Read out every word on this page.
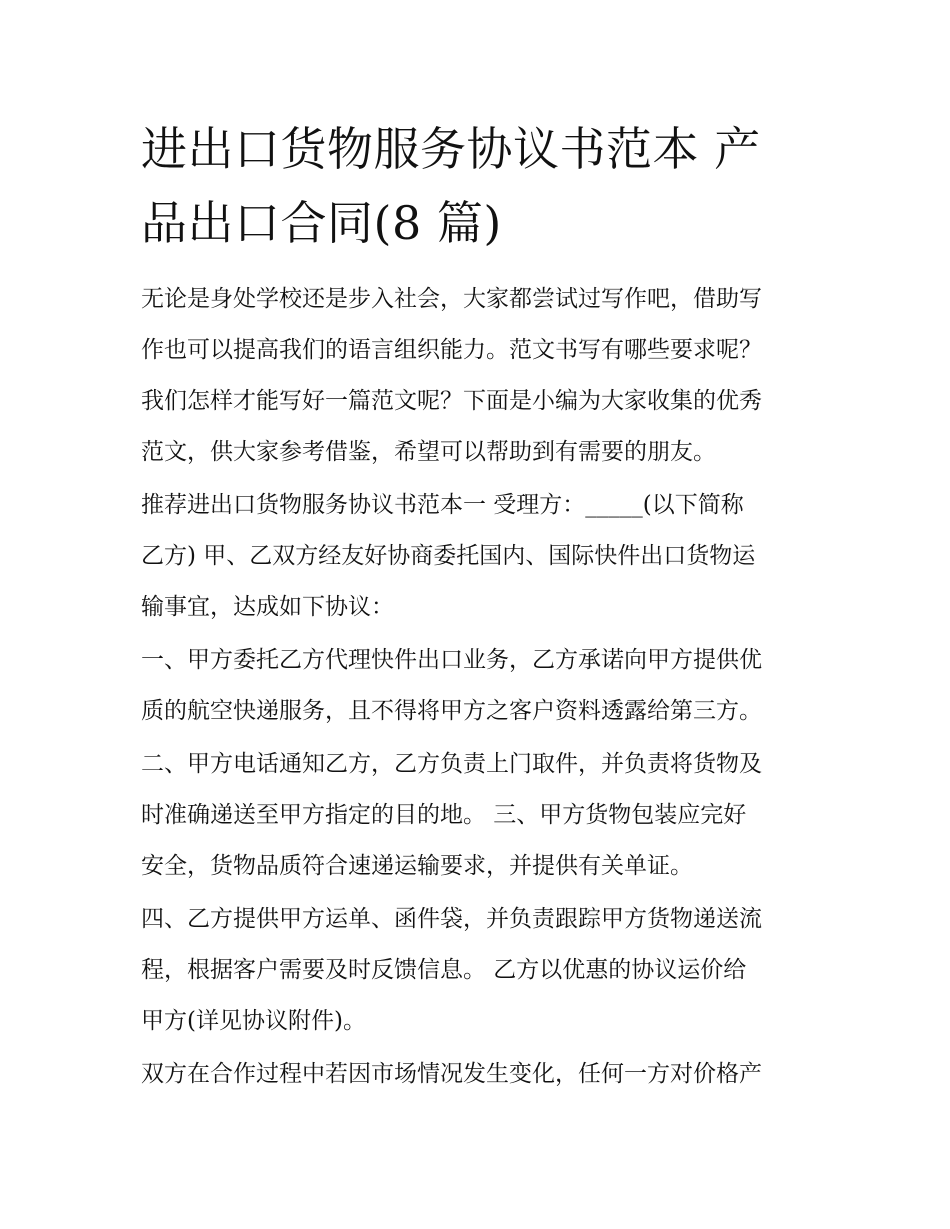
进出口货物服务协议书范本 产
品出口合同(8 篇)

无论是身处学校还是步入社会，大家都尝试过写作吧，借助写
作也可以提高我们的语言组织能力。范文书写有哪些要求呢？
我们怎样才能写好一篇范文呢？下面是小编为大家收集的优秀
范文，供大家参考借鉴，希望可以帮助到有需要的朋友。

推荐进出口货物服务协议书范本一 受理方：_____(以下简称
乙方) 甲、乙双方经友好协商委托国内、国际快件出口货物运
输事宜，达成如下协议：

一、甲方委托乙方代理快件出口业务，乙方承诺向甲方提供优
质的航空快递服务，且不得将甲方之客户资料透露给第三方。

二、甲方电话通知乙方，乙方负责上门取件，并负责将货物及
时准确递送至甲方指定的目的地。 三、甲方货物包装应完好
安全，货物品质符合速递运输要求，并提供有关单证。

四、乙方提供甲方运单、函件袋，并负责跟踪甲方货物递送流
程，根据客户需要及时反馈信息。 乙方以优惠的协议运价给
甲方(详见协议附件)。

双方在合作过程中若因市场情况发生变化，任何一方对价格产
